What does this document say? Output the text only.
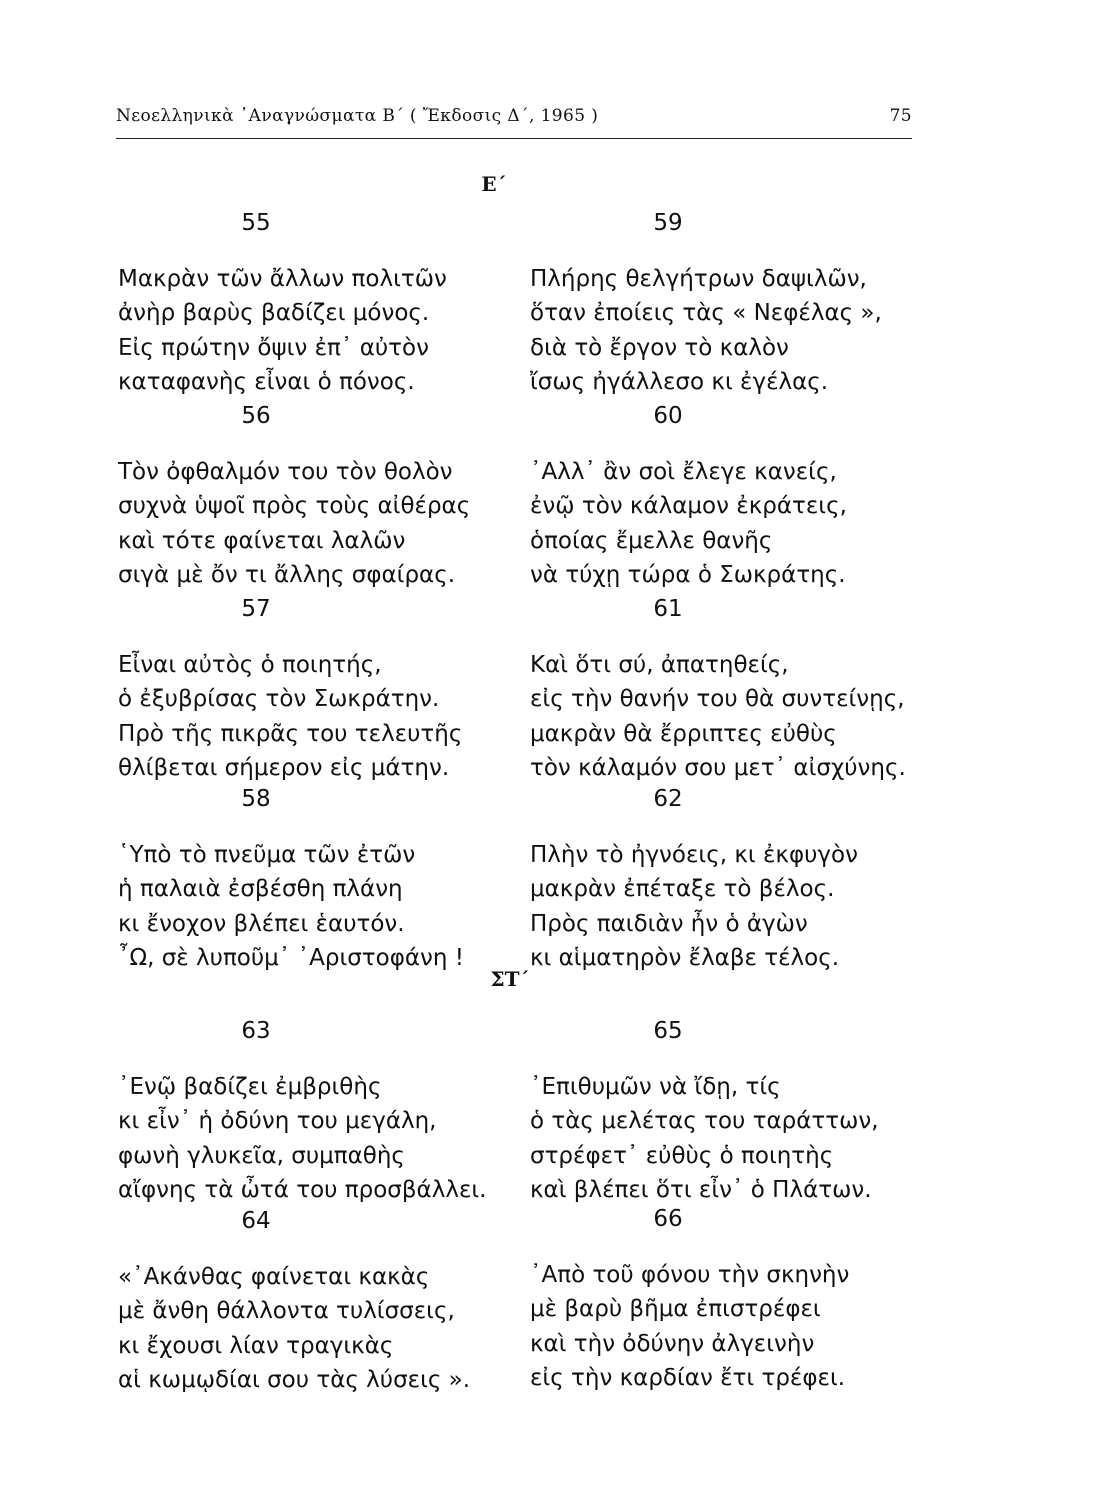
Νεοελληνικὰ ᾿Αναγνώσματα Β΄ ( Ἔκδοσις Δ΄, 1965 )	75
Ε΄
ΣΤ΄
55
Μακρὰν τῶν ἄλλων πολιτῶν
ἀνὴρ βαρὺς βαδίζει μόνος.
Εἰς πρώτην ὄψιν ἐπ᾿ αὐτὸν
καταφανὴς εἶναι ὁ πόνος.
56
Τὸν ὀφθαλμόν του τὸν θολὸν
συχνὰ ὑψοῖ πρὸς τοὺς αἰθέρας
καὶ τότε φαίνεται λαλῶν
σιγὰ μὲ ὄν τι ἄλλης σφαίρας.
57
Εἶναι αὐτὸς ὁ ποιητής,
ὁ ἐξυβρίσας τὸν Σωκράτην.
Πρὸ τῆς πικρᾶς του τελευτῆς
θλίβεται σήμερον εἰς μάτην.
58
῾Υπὸ τὸ πνεῦμα τῶν ἐτῶν
ἡ παλαιὰ ἐσβέσθη πλάνη
κι ἔνοχον βλέπει ἑαυτόν.
῏Ω, σὲ λυποῦμ᾿ ᾿Αριστοφάνη !
59
Πλήρης θελγήτρων δαψιλῶν,
ὅταν ἐποίεις τὰς « Νεφέλας »,
διὰ τὸ ἔργον τὸ καλὸν
ἴσως ἠγάλλεσο κι ἐγέλας.
60
᾿Αλλ᾿ ἂν σοὶ ἔλεγε κανείς,
ἐνῷ τὸν κάλαμον ἐκράτεις,
ὁποίας ἔμελλε θανῆς
νὰ τύχῃ τώρα ὁ Σωκράτης.
61
Καὶ ὅτι σύ, ἀπατηθείς,
εἰς τὴν θανήν του θὰ συντείνῃς,
μακρὰν θὰ ἔρριπτες εὐθὺς
τὸν κάλαμόν σου μετ᾿ αἰσχύνης.
62
Πλὴν τὸ ἠγνόεις, κι ἐκφυγὸν
μακρὰν ἐπέταξε τὸ βέλος.
Πρὸς παιδιὰν ἦν ὁ ἀγὼν
κι αἱματηρὸν ἔλαβε τέλος.
63
᾿Ενῷ βαδίζει ἐμβριθὴς
κι εἶν᾿ ἡ ὀδύνη του μεγάλη,
φωνὴ γλυκεῖα, συμπαθὴς
αἴφνης τὰ ὦτά του προσβάλλει.
64
«᾿Ακάνθας φαίνεται κακὰς
μὲ ἄνθη θάλλοντα τυλίσσεις,
κι ἔχουσι λίαν τραγικὰς
αἱ κωμῳδίαι σου τὰς λύσεις ».
65
᾿Επιθυμῶν νὰ ἴδῃ, τίς
ὁ τὰς μελέτας του ταράττων,
στρέφετ᾿ εὐθὺς ὁ ποιητὴς
καὶ βλέπει ὅτι εἶν᾿ ὁ Πλάτων.
66
᾿Απὸ τοῦ φόνου τὴν σκηνὴν
μὲ βαρὺ βῆμα ἐπιστρέφει
καὶ τὴν ὀδύνην ἀλγεινὴν
εἰς τὴν καρδίαν ἔτι τρέφει.
